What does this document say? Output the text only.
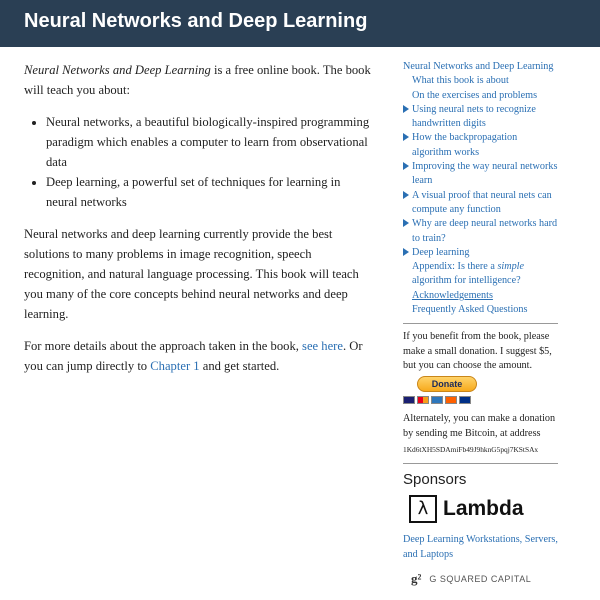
Neural Networks and Deep Learning

Neural Networks and Deep Learning is a free online book. The book will teach you about:

• Neural networks, a beautiful biologically-inspired programming paradigm which enables a computer to learn from observational data
• Deep learning, a powerful set of techniques for learning in neural networks

Neural networks and deep learning currently provide the best solutions to many problems in image recognition, speech recognition, and natural language processing. This book will teach you many of the core concepts behind neural networks and deep learning.

For more details about the approach taken in the book, see here. Or you can jump directly to Chapter 1 and get started.

Neural Networks and Deep Learning
What this book is about
On the exercises and problems
Using neural nets to recognize handwritten digits
How the backpropagation algorithm works
Improving the way neural networks learn
A visual proof that neural nets can compute any function
Why are deep neural networks hard to train?
Deep learning
Appendix: Is there a simple algorithm for intelligence?
Acknowledgements
Frequently Asked Questions
If you benefit from the book, please make a small donation. I suggest $5, but you can choose the amount.
Donate
Alternately, you can make a donation by sending me Bitcoin, at address
1Kd6tXH5SDAmiFb49J9hknG5pqj7KStSAx
Sponsors
λ Lambda
Deep Learning Workstations, Servers, and Laptops
g² G SQUARED CAPITAL
